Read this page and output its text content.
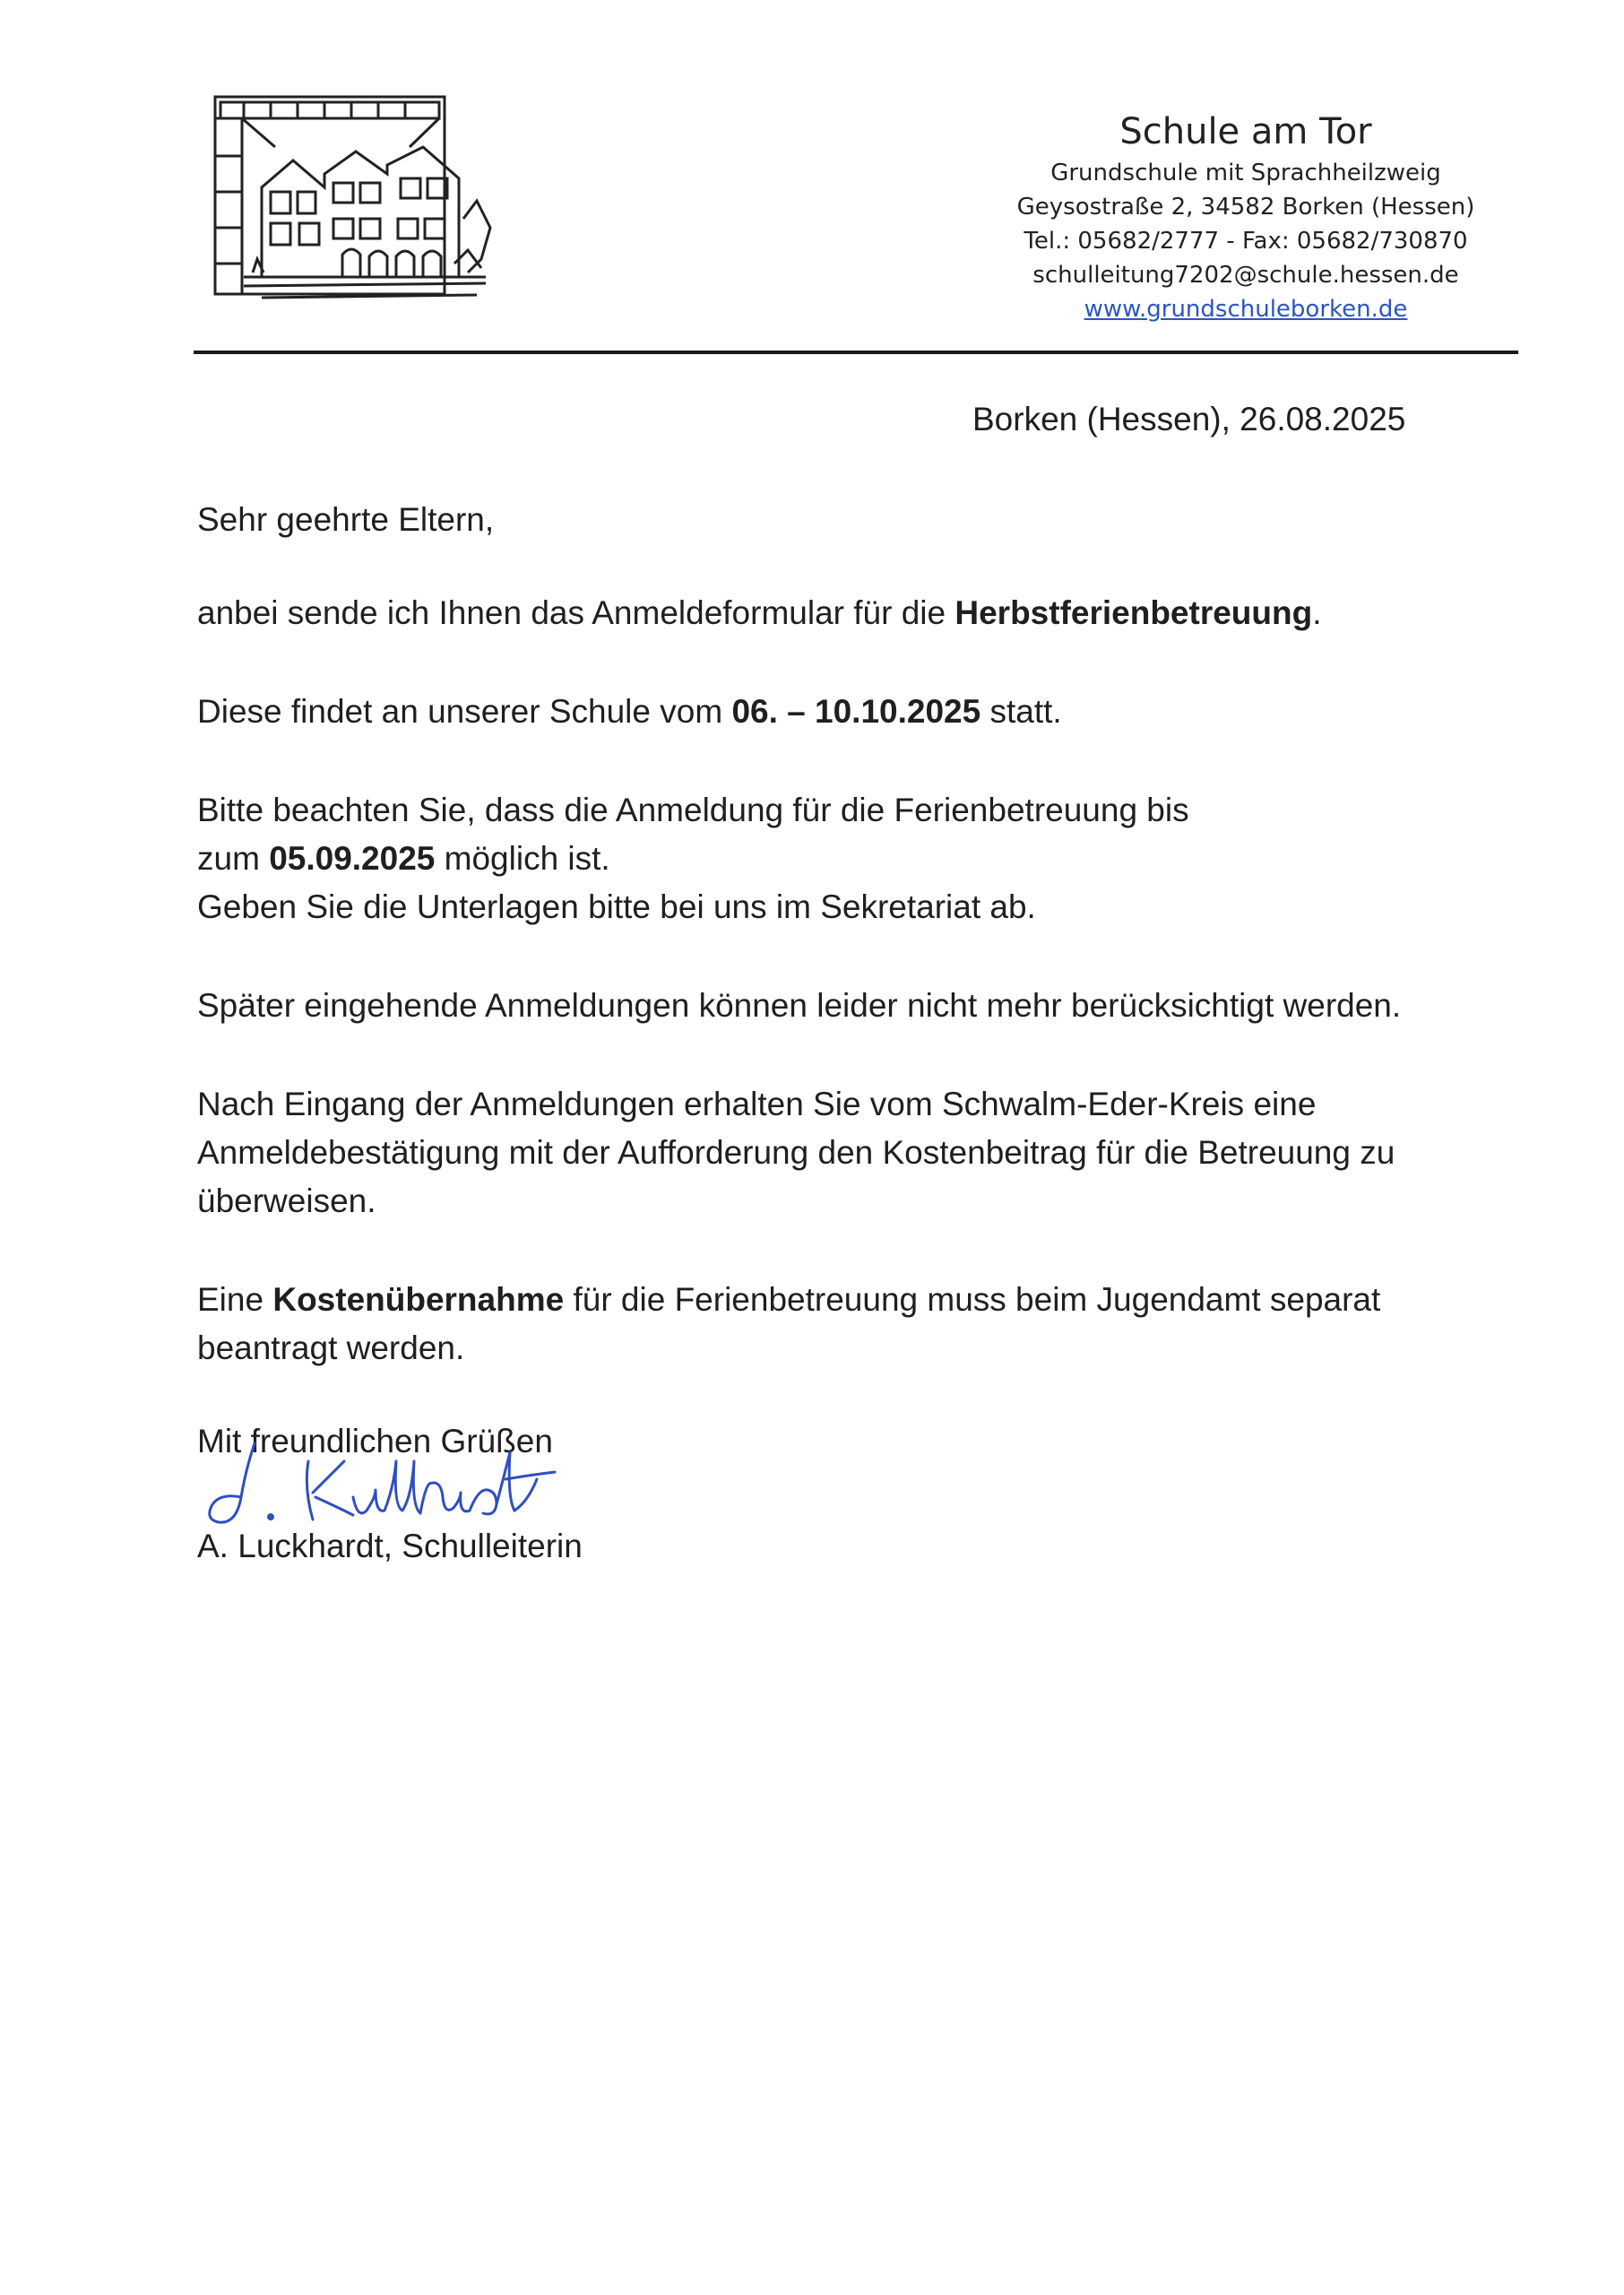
Schule am Tor
Grundschule mit Sprachheilzweig
Geysostraße 2, 34582 Borken (Hessen)
Tel.: 05682/2777 - Fax: 05682/730870
schulleitung7202@schule.hessen.de
www.grundschuleborken.de
Borken (Hessen), 26.08.2025

Sehr geehrte Eltern,

anbei sende ich Ihnen das Anmeldeformular für die Herbstferienbetreuung.

Diese findet an unserer Schule vom 06. – 10.10.2025 statt.

Bitte beachten Sie, dass die Anmeldung für die Ferienbetreuung bis

zum 05.09.2025 möglich ist.

Geben Sie die Unterlagen bitte bei uns im Sekretariat ab.

Später eingehende Anmeldungen können leider nicht mehr berücksichtigt werden.

Nach Eingang der Anmeldungen erhalten Sie vom Schwalm-Eder-Kreis eine

Anmeldebestätigung mit der Aufforderung den Kostenbeitrag für die Betreuung zu

überweisen.

Eine Kostenübernahme für die Ferienbetreuung muss beim Jugendamt separat

beantragt werden.

Mit freundlichen Grüßen

A. Luckhardt, Schulleiterin
